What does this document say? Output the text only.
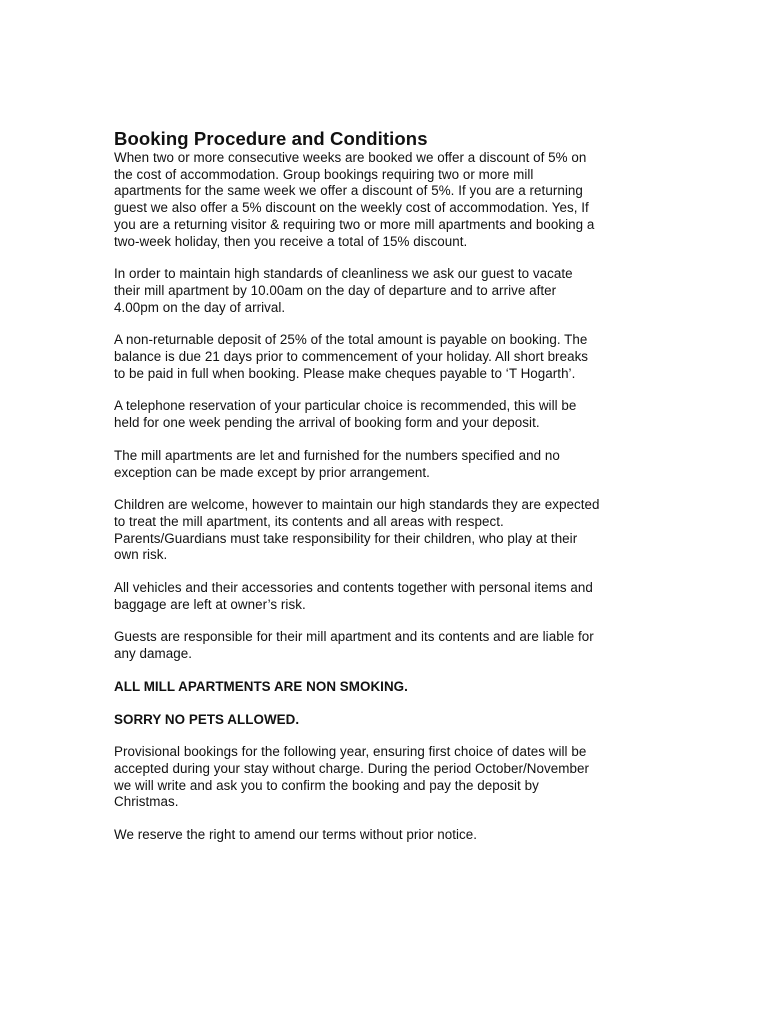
Booking Procedure and Conditions

When two or more consecutive weeks are booked we offer a discount of 5% on
the cost of accommodation. Group bookings requiring two or more mill
apartments for the same week we offer a discount of 5%. If you are a returning
guest we also offer a 5% discount on the weekly cost of accommodation. Yes, If
you are a returning visitor & requiring two or more mill apartments and booking a
two-week holiday, then you receive a total of 15% discount.

In order to maintain high standards of cleanliness we ask our guest to vacate
their mill apartment by 10.00am on the day of departure and to arrive after
4.00pm on the day of arrival.

A non-returnable deposit of 25% of the total amount is payable on booking. The
balance is due 21 days prior to commencement of your holiday. All short breaks
to be paid in full when booking. Please make cheques payable to ‘T Hogarth’.

A telephone reservation of your particular choice is recommended, this will be
held for one week pending the arrival of booking form and your deposit.

The mill apartments are let and furnished for the numbers specified and no
exception can be made except by prior arrangement.

Children are welcome, however to maintain our high standards they are expected
to treat the mill apartment, its contents and all areas with respect.
Parents/Guardians must take responsibility for their children, who play at their
own risk.

All vehicles and their accessories and contents together with personal items and
baggage are left at owner’s risk.

Guests are responsible for their mill apartment and its contents and are liable for
any damage.

ALL MILL APARTMENTS ARE NON SMOKING.

SORRY NO PETS ALLOWED.

Provisional bookings for the following year, ensuring first choice of dates will be
accepted during your stay without charge. During the period October/November
we will write and ask you to confirm the booking and pay the deposit by
Christmas.

We reserve the right to amend our terms without prior notice.
